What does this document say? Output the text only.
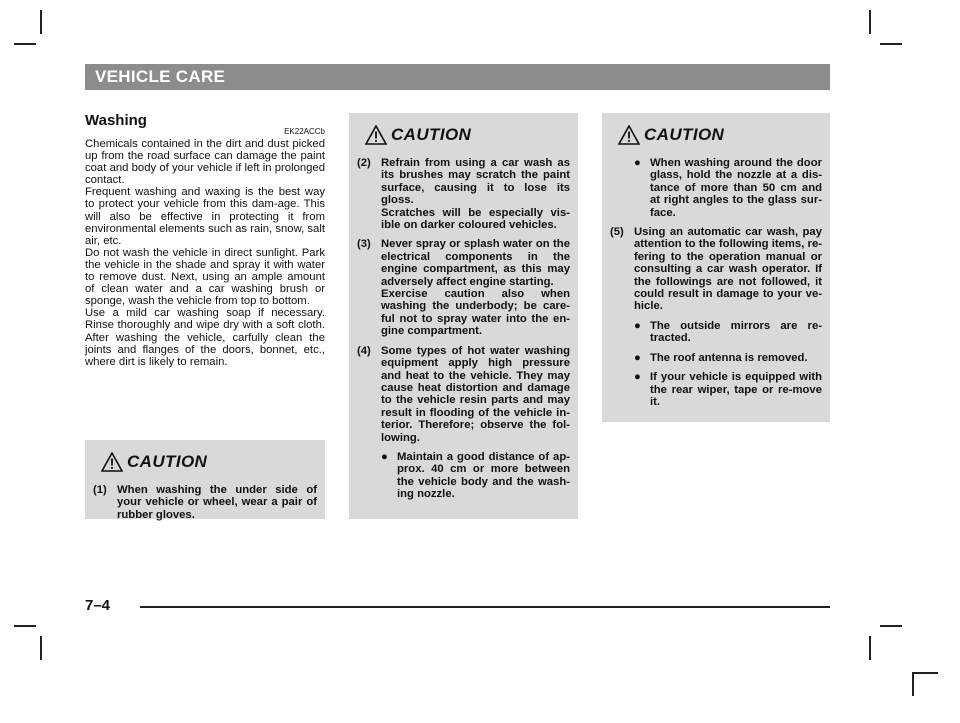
VEHICLE CARE
Washing
EK22ACCb

Chemicals contained in the dirt and dust picked up from the road surface can damage the paint coat and body of your vehicle if left in prolonged contact.

Frequent washing and waxing is the best way to protect your vehicle from this dam-age. This will also be effective in protecting it from environmental elements such as rain, snow, salt air, etc.

Do not wash the vehicle in direct sunlight. Park the vehicle in the shade and spray it with water to remove dust. Next, using an ample amount of clean water and a car washing brush or sponge, wash the vehicle from top to bottom.

Use a mild car washing soap if necessary. Rinse thoroughly and wipe dry with a soft cloth. After washing the vehicle, carfully clean the joints and flanges of the doors, bonnet, etc., where dirt is likely to remain.

CAUTION
(1) When washing the under side of your vehicle or wheel, wear a pair of rubber gloves.
CAUTION
(2) Refrain from using a car wash as its brushes may scratch the paint surface, causing it to lose its gloss.
Scratches will be especially vis-ible on darker coloured vehicles.
(3) Never spray or splash water on the electrical components in the engine compartment, as this may adversely affect engine starting.
Exercise caution also when washing the underbody; be care-ful not to spray water into the en-gine compartment.
(4) Some types of hot water washing equipment apply high pressure and heat to the vehicle. They may cause heat distortion and damage to the vehicle resin parts and may result in flooding of the vehicle in-terior. Therefore; observe the fol-lowing.
● Maintain a good distance of ap-prox. 40 cm or more between the vehicle body and the wash-ing nozzle.
CAUTION
● When washing around the door glass, hold the nozzle at a dis-tance of more than 50 cm and at right angles to the glass sur-face.
(5) Using an automatic car wash, pay attention to the following items, re-fering to the operation manual or consulting a car wash operator. If the followings are not followed, it could result in damage to your ve-hicle.
● The outside mirrors are re-tracted.
● The roof antenna is removed.
● If your vehicle is equipped with the rear wiper, tape or re-move it.
7–4
